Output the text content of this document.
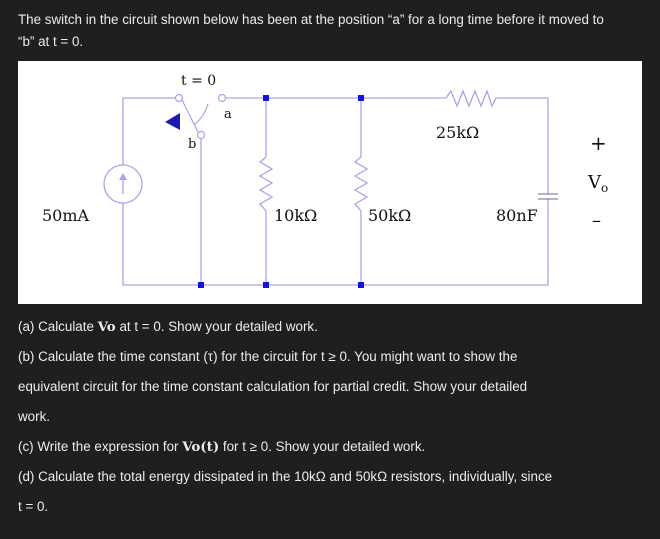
The switch in the circuit shown below has been at the position “a” for a long time before it moved to
“b” at t = 0.
t = 0
a
b
50mA	10kΩ	50kΩ
25kΩ
80nF
+
$V_o$
–
(a) Calculate Vo at t = 0. Show your detailed work.
(b) Calculate the time constant (τ) for the circuit for t ≥ 0. You might want to show the
equivalent circuit for the time constant calculation for partial credit. Show your detailed
work.
(c) Write the expression for Vo(t) for t ≥ 0. Show your detailed work.
(d) Calculate the total energy dissipated in the 10kΩ and 50kΩ resistors, individually, since
t = 0.
